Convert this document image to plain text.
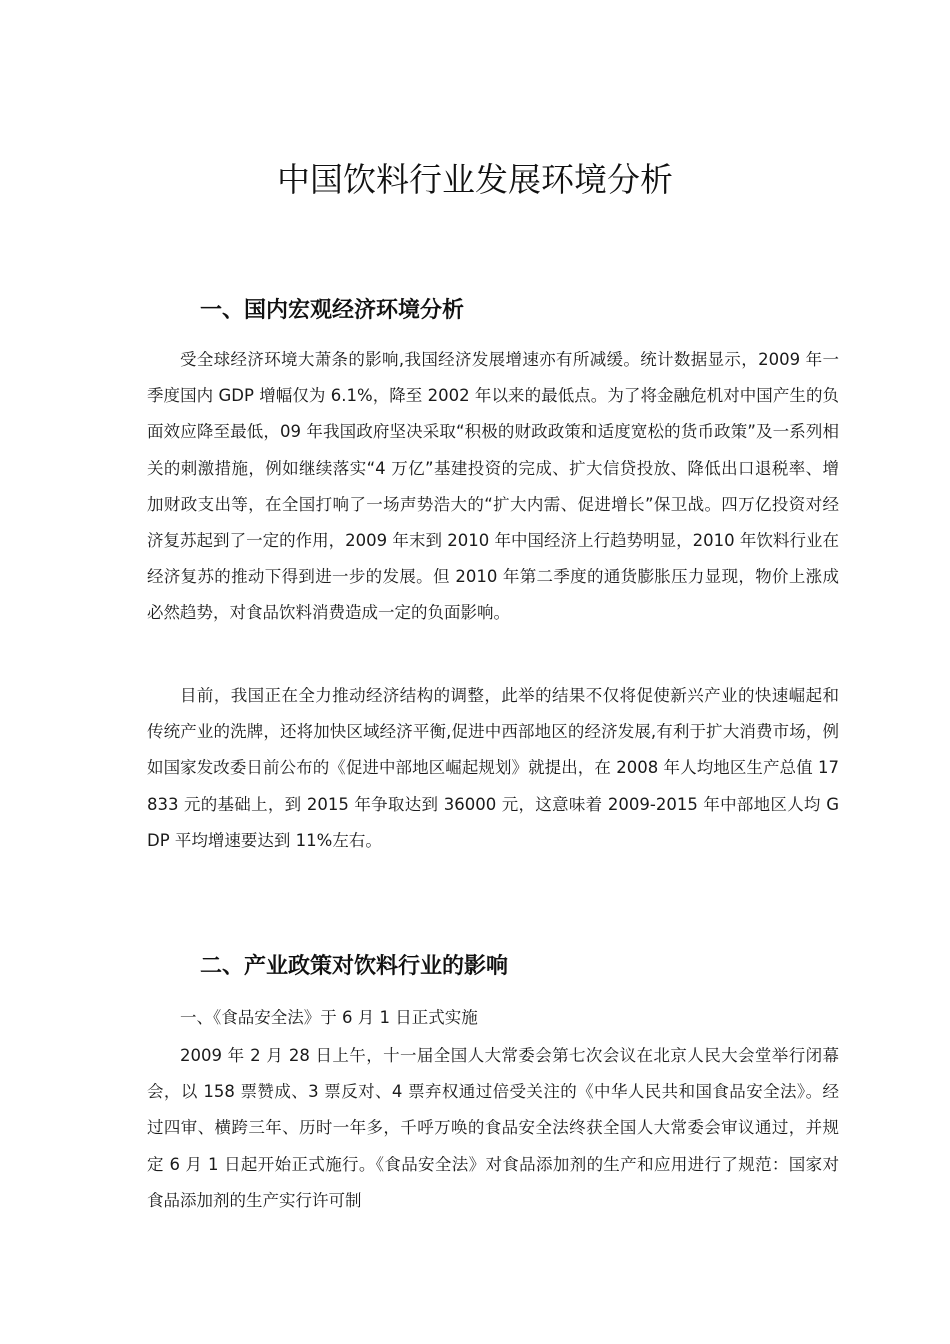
中国饮料行业发展环境分析
一、国内宏观经济环境分析

受全球经济环境大萧条的影响,我国经济发展增速亦有所减缓。统计数据显示，2009 年一季度国内 GDP 增幅仅为 6.1%，降至 2002 年以来的最低点。为了将金融危机对中国产生的负面效应降至最低，09 年我国政府坚决采取“积极的财政政策和适度宽松的货币政策”及一系列相关的刺激措施，例如继续落实“4 万亿”基建投资的完成、扩大信贷投放、降低出口退税率、增加财政支出等，在全国打响了一场声势浩大的“扩大内需、促进增长”保卫战。四万亿投资对经济复苏起到了一定的作用，2009 年末到 2010 年中国经济上行趋势明显，2010 年饮料行业在经济复苏的推动下得到进一步的发展。但 2010 年第二季度的通货膨胀压力显现，物价上涨成必然趋势，对食品饮料消费造成一定的负面影响。

目前，我国正在全力推动经济结构的调整，此举的结果不仅将促使新兴产业的快速崛起和传统产业的洗牌，还将加快区域经济平衡,促进中西部地区的经济发展,有利于扩大消费市场，例如国家发改委日前公布的《促进中部地区崛起规划》就提出，在 2008 年人均地区生产总值 17833 元的基础上，到 2015 年争取达到 36000 元，这意味着 2009-2015 年中部地区人均 GDP 平均增速要达到 11%左右。

二、产业政策对饮料行业的影响

一、《食品安全法》于 6 月 1 日正式实施

2009 年 2 月 28 日上午，十一届全国人大常委会第七次会议在北京人民大会堂举行闭幕会，以 158 票赞成、3 票反对、4 票弃权通过倍受关注的《中华人民共和国食品安全法》。经过四审、横跨三年、历时一年多，千呼万唤的食品安全法终获全国人大常委会审议通过，并规定 6 月 1 日起开始正式施行。《食品安全法》对食品添加剂的生产和应用进行了规范：国家对食品添加剂的生产实行许可制
